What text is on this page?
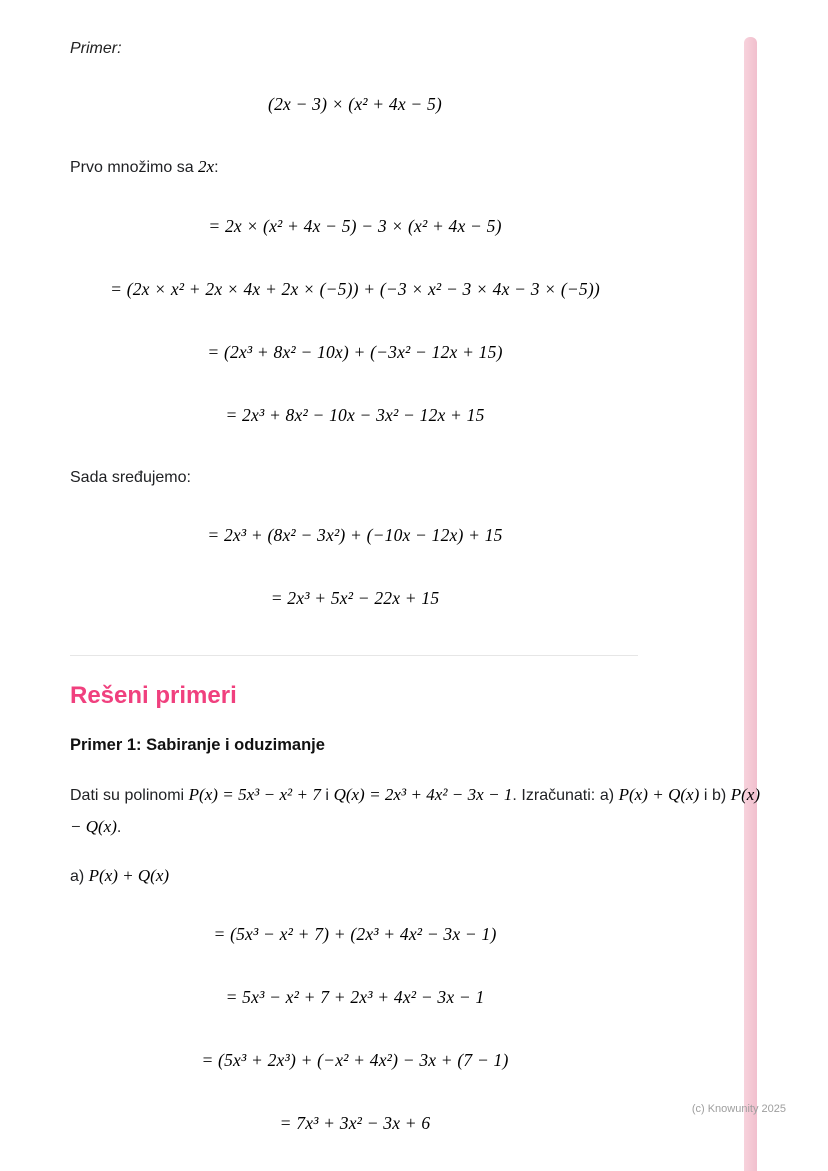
Primer:

(2x − 3) × (x² + 4x − 5)

Prvo množimo sa 2x:

= 2x × (x² + 4x − 5) − 3 × (x² + 4x − 5)
= (2x × x² + 2x × 4x + 2x × (−5)) + (−3 × x² − 3 × 4x − 3 × (−5))
= (2x³ + 8x² − 10x) + (−3x² − 12x + 15)
= 2x³ + 8x² − 10x − 3x² − 12x + 15

Sada sređujemo:

= 2x³ + (8x² − 3x²) + (−10x − 12x) + 15
= 2x³ + 5x² − 22x + 15
Rešeni primeri
Primer 1: Sabiranje i oduzimanje

Dati su polinomi P(x) = 5x³ − x² + 7 i Q(x) = 2x³ + 4x² − 3x − 1. Izračunati: a) P(x) + Q(x) i b) P(x) − Q(x).

a) P(x) + Q(x)

= (5x³ − x² + 7) + (2x³ + 4x² − 3x − 1)
= 5x³ − x² + 7 + 2x³ + 4x² − 3x − 1
= (5x³ + 2x³) + (−x² + 4x²) − 3x + (7 − 1)
= 7x³ + 3x² − 3x + 6
(c) Knowunity 2025
